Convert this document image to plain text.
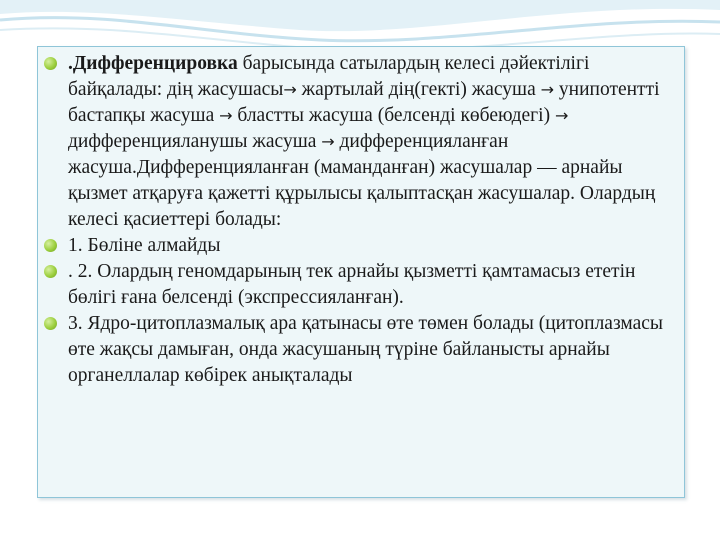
.Дифференцировка барысында сатылардың келесі дәйектілігі байқалады: дің жасушасы→ жартылай дің(гекті) жасуша → унипотентті бастапқы жасуша → бластты жасуша (белсенді көбеюдегі) → дифференцияланушы жасуша → дифференцияланған жасуша.Дифференцияланған (маманданған) жасушалар — арнайы қызмет атқаруға қажетті құрылысы қалыптасқан жасушалар. Олардың келесі қасиеттері болады:
1. Бөліне алмайды
. 2. Олардың геномдарының тек арнайы қызметті қамтамасыз ететін бөлігі ғана белсенді (экспрессияланған).
3. Ядро-цитоплазмалық ара қатынасы өте төмен болады (цитоплазмасы өте жақсы дамыған, онда жасушаның түріне байланысты арнайы органеллалар көбірек анықталады
